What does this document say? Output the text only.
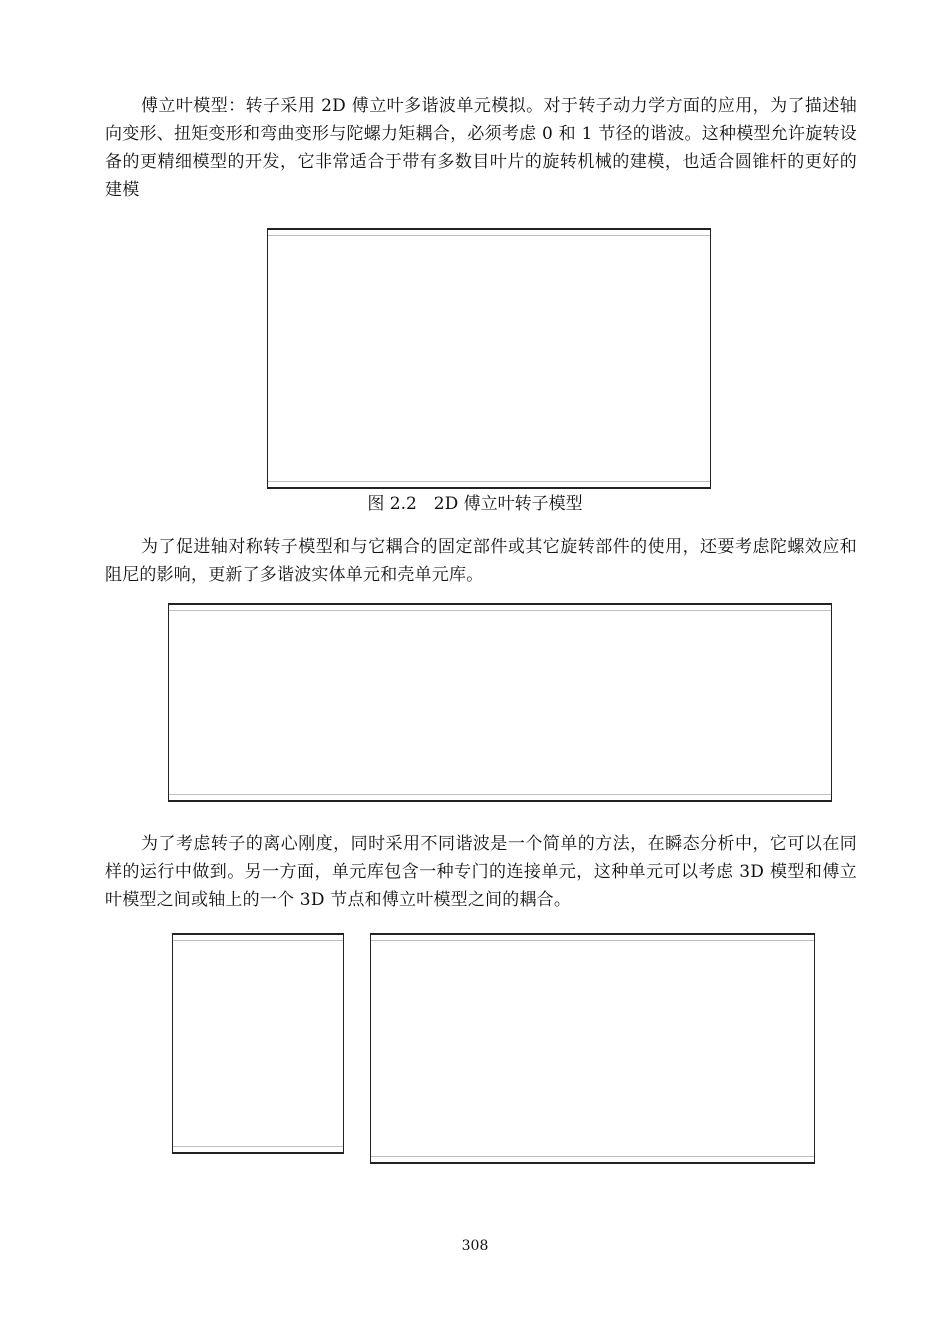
傅立叶模型：转子采用 2D 傅立叶多谐波单元模拟。对于转子动力学方面的应用，为了描述轴向变形、扭矩变形和弯曲变形与陀螺力矩耦合，必须考虑 0 和 1 节径的谐波。这种模型允许旋转设备的更精细模型的开发，它非常适合于带有多数目叶片的旋转机械的建模，也适合圆锥杆的更好的建模

图 2.2　2D 傅立叶转子模型

为了促进轴对称转子模型和与它耦合的固定部件或其它旋转部件的使用，还要考虑陀螺效应和阻尼的影响，更新了多谐波实体单元和壳单元库。

为了考虑转子的离心刚度，同时采用不同谐波是一个简单的方法，在瞬态分析中，它可以在同样的运行中做到。另一方面，单元库包含一种专门的连接单元，这种单元可以考虑 3D 模型和傅立叶模型之间或轴上的一个 3D 节点和傅立叶模型之间的耦合。

308
